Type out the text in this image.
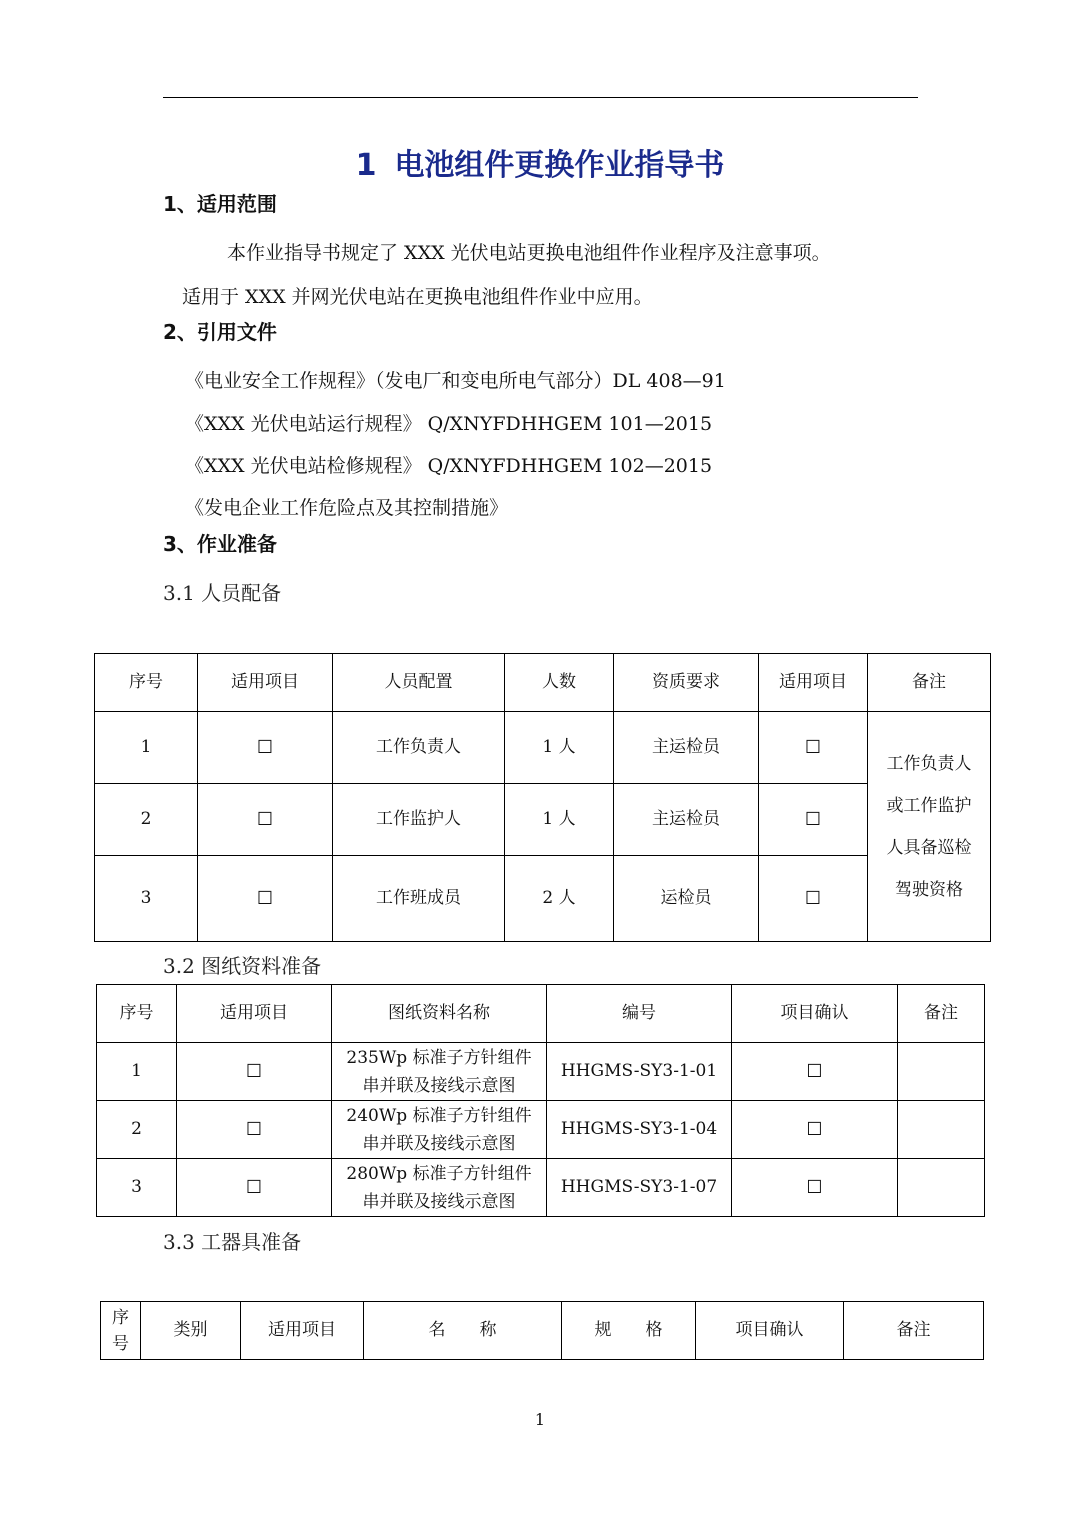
1 电池组件更换作业指导书
1、适用范围
本作业指导书规定了 XXX 光伏电站更换电池组件作业程序及注意事项。
适用于 XXX 并网光伏电站在更换电池组件作业中应用。
2、引用文件
《电业安全工作规程》（发电厂和变电所电气部分）DL 408—91
《XXX 光伏电站运行规程》 Q/XNYFDHHGEM 101—2015
《XXX 光伏电站检修规程》 Q/XNYFDHHGEM 102—2015
《发电企业工作危险点及其控制措施》
3、作业准备
3.1 人员配备
序号	适用项目	人员配置	人数	资质要求	适用项目	备注
1	☐	工作负责人	1 人	主运检员	☐	工作负责人
或工作监护
人具备巡检
驾驶资格
2	☐	工作监护人	1 人	主运检员	☐	
3	☐	工作班成员	2 人	运检员	☐	
3.2 图纸资料准备
序号	适用项目	图纸资料名称	编号	项目确认	备注
1	☐	235Wp 标准子方针组件
串并联及接线示意图	HHGMS-SY3-1-01	☐	
2	☐	240Wp 标准子方针组件
串并联及接线示意图	HHGMS-SY3-1-04	☐	
3	☐	280Wp 标准子方针组件
串并联及接线示意图	HHGMS-SY3-1-07	☐	
3.3 工器具准备
序
号	类别	适用项目	名　　称	规　　格	项目确认	备注
1
